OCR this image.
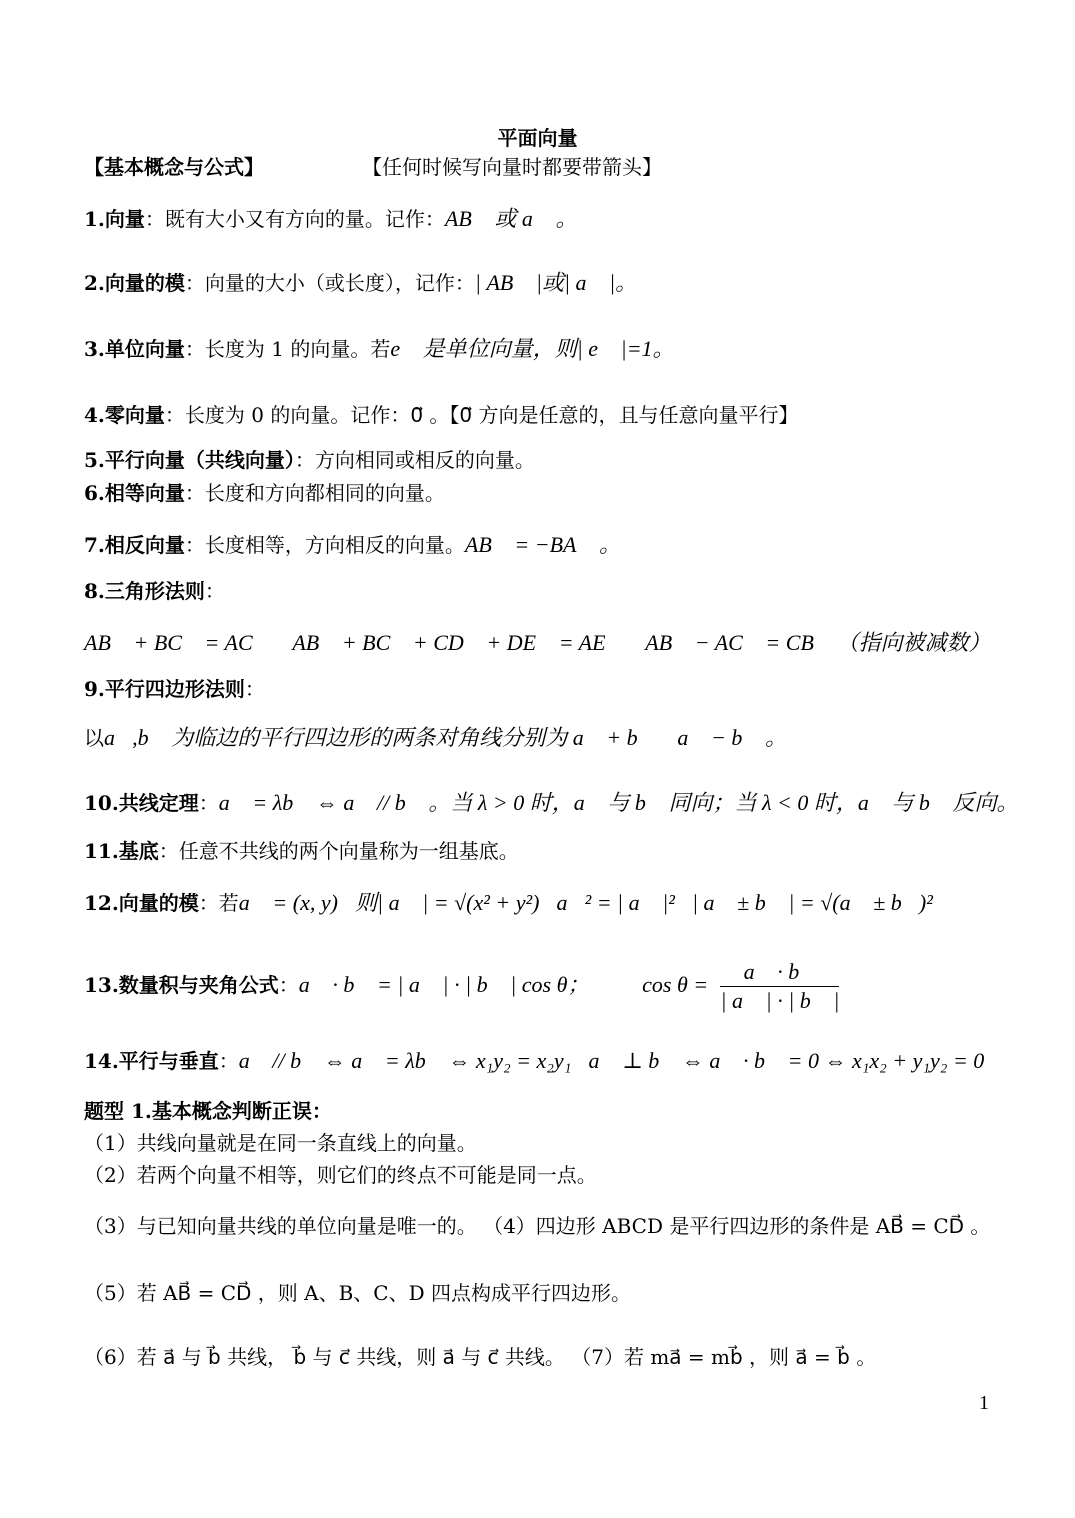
平面向量
【基本概念与公式】	【任何时候写向量时都要带箭头】
1.向量：既有大小又有方向的量。记作：AB⃗ 或 a⃗ 。
2.向量的模：向量的大小（或长度），记作：| AB⃗ |或| a⃗ |。
3.单位向量：长度为 1 的向量。若e⃗ 是单位向量，则| e⃗ |=1。
4.零向量：长度为 0 的向量。记作：0⃗ 。【0⃗ 方向是任意的，且与任意向量平行】
5.平行向量（共线向量）：方向相同或相反的向量。
6.相等向量：长度和方向都相同的向量。
7.相反向量：长度相等，方向相反的向量。AB⃗ = −BA⃗ 。
8.三角形法则：
AB⃗ + BC⃗ = AC⃗ ；AB⃗ + BC⃗ + CD⃗ + DE⃗ = AE⃗ ；AB⃗ − AC⃗ = CB⃗ （指向被减数）
9.平行四边形法则：
以a⃗,b⃗ 为临边的平行四边形的两条对角线分别为 a⃗ + b⃗ ，a⃗ − b⃗ 。
10.共线定理：a⃗ = λb⃗ ⇔ a⃗ // b⃗ 。当 λ > 0 时，a⃗ 与 b⃗ 同向；当 λ < 0 时，a⃗ 与 b⃗ 反向。
11.基底：任意不共线的两个向量称为一组基底。
12.向量的模：若a⃗ = (x, y)，则| a⃗ | = √(x² + y²)，a⃗² = | a⃗ |²，| a⃗ ± b⃗ | = √(a⃗ ± b⃗)²
13.数量积与夹角公式：a⃗ · b⃗ = | a⃗ | · | b⃗ | cos θ； $\cos \theta = \frac{a⃗ \cdot b⃗}{| a⃗ | \cdot | b⃗ |}$
14.平行与垂直：a⃗ // b⃗ ⇔ a⃗ = λb⃗ ⇔ x₁y₂ = x₂y₁；a⃗ ⊥ b⃗ ⇔ a⃗ · b⃗ = 0 ⇔ x₁x₂ + y₁y₂ = 0
题型 1.基本概念判断正误：
（1）共线向量就是在同一条直线上的向量。
（2）若两个向量不相等，则它们的终点不可能是同一点。
（3）与已知向量共线的单位向量是唯一的。 （4）四边形 ABCD 是平行四边形的条件是 AB⃗ = CD⃗ 。
（5）若 AB⃗ = CD⃗ ，则 A、B、C、D 四点构成平行四边形。
（6）若 a⃗ 与 b⃗ 共线， b⃗ 与 c⃗ 共线，则 a⃗ 与 c⃗ 共线。 （7）若 ma⃗ = mb⃗ ，则 a⃗ = b⃗ 。
1
